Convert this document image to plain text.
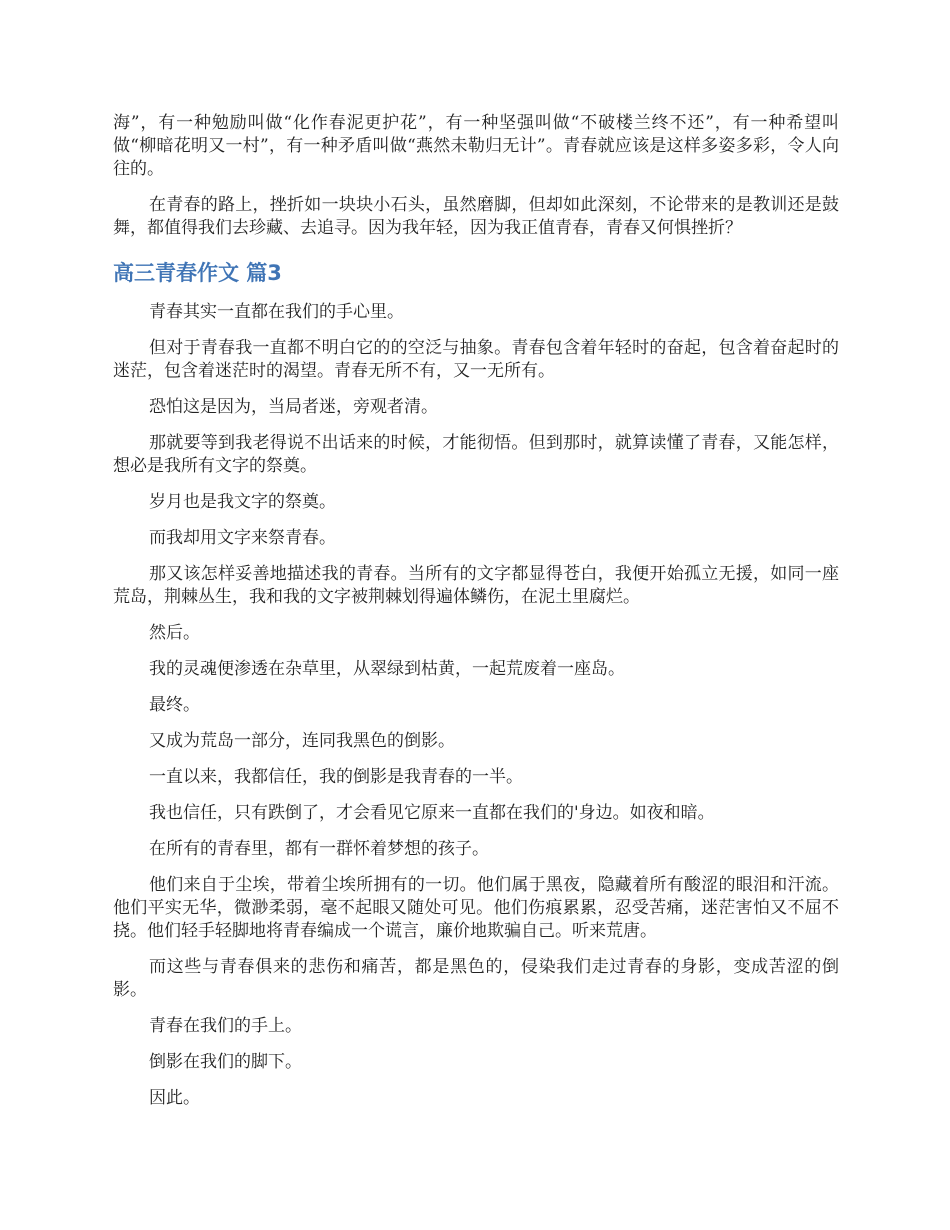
海”，有一种勉励叫做“化作春泥更护花”，有一种坚强叫做“不破楼兰终不还”，有一种希望叫做“柳暗花明又一村”，有一种矛盾叫做“燕然未勒归无计”。青春就应该是这样多姿多彩，令人向往的。

在青春的路上，挫折如一块块小石头，虽然磨脚，但却如此深刻，不论带来的是教训还是鼓舞，都值得我们去珍藏、去追寻。因为我年轻，因为我正值青春，青春又何惧挫折？

高三青春作文 篇3

青春其实一直都在我们的手心里。

但对于青春我一直都不明白它的的空泛与抽象。青春包含着年轻时的奋起，包含着奋起时的迷茫，包含着迷茫时的渴望。青春无所不有，又一无所有。

恐怕这是因为，当局者迷，旁观者清。

那就要等到我老得说不出话来的时候，才能彻悟。但到那时，就算读懂了青春，又能怎样，想必是我所有文字的祭奠。

岁月也是我文字的祭奠。

而我却用文字来祭青春。

那又该怎样妥善地描述我的青春。当所有的文字都显得苍白，我便开始孤立无援，如同一座荒岛，荆棘丛生，我和我的文字被荆棘划得遍体鳞伤，在泥土里腐烂。

然后。

我的灵魂便渗透在杂草里，从翠绿到枯黄，一起荒废着一座岛。

最终。

又成为荒岛一部分，连同我黑色的倒影。

一直以来，我都信任，我的倒影是我青春的一半。

我也信任，只有跌倒了，才会看见它原来一直都在我们的'身边。如夜和暗。

在所有的青春里，都有一群怀着梦想的孩子。

他们来自于尘埃，带着尘埃所拥有的一切。他们属于黑夜，隐藏着所有酸涩的眼泪和汗流。他们平实无华，微渺柔弱，毫不起眼又随处可见。他们伤痕累累，忍受苦痛，迷茫害怕又不屈不挠。他们轻手轻脚地将青春编成一个谎言，廉价地欺骗自己。听来荒唐。

而这些与青春俱来的悲伤和痛苦，都是黑色的，侵染我们走过青春的身影，变成苦涩的倒影。

青春在我们的手上。

倒影在我们的脚下。

因此。
